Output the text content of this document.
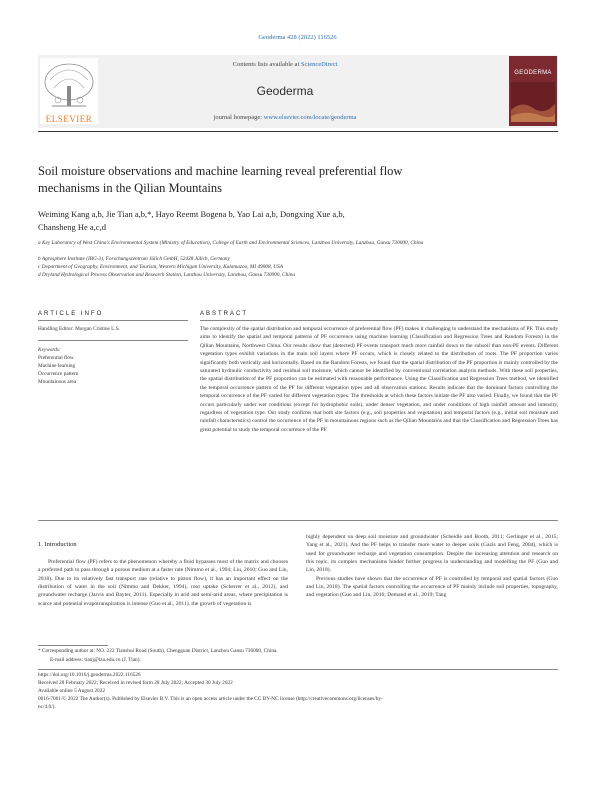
Geoderma 428 (2022) 116526
ELSEVIER
Contents lists available at ScienceDirect
Geoderma
journal homepage: www.elsevier.com/locate/geoderma
GEODERMA
Soil moisture observations and machine learning reveal preferential flow
mechanisms in the Qilian Mountains
Weiming Kang a,b, Jie Tian a,b,*, Hayo Reemt Bogena b, Yao Lai a,b, Dongxing Xue a,b,
Chansheng He a,c,d
a Key Laboratory of West China's Environmental System (Ministry of Education), College of Earth and Environmental Sciences, Lanzhou University, Lanzhou, Gansu 730000, China
b Agrosphere Institute (IBG-3), Forschungszentrum Jülich GmbH, 52428 Jülich, Germany
c Department of Geography, Environment, and Tourism, Western Michigan University, Kalamazoo, MI 49008, USA
d Dryland Hydrological Process Observation and Research Station, Lanzhou University, Lanzhou, Gansu 730000, China
ARTICLE INFO
Handling Editor: Morgan Cristine L.S.
Keywords:
Preferential flow
Machine learning
Occurrence pattern
Mountainous area
ABSTRACT
The complexity of the spatial distribution and temporal occurrence of preferential flow (PF) makes it challenging to understand the mechanisms of PF. This study aims to identify the spatial and temporal patterns of PF occurrence using machine learning (Classification and Regression Trees and Random Forests) in the Qilian Mountains, Northwest China. Our results show that (detected) PF events transport much more rainfall down to the subsoil than non-PF events. Different vegetation types exhibit variations in the main soil layers where PF occurs, which is closely related to the distribution of roots. The PF proportion varies significantly both vertically and horizontally. Based on the Random Forests, we found that the spatial distribution of the PF proportion is mainly controlled by the saturated hydraulic conductivity and residual soil moisture, which cannot be identified by conventional correlation analysis methods. With these soil properties, the spatial distribution of the PF proportion can be estimated with reasonable performance. Using the Classification and Regression Trees method, we identified the temporal occurrence pattern of the PF for different vegetation types and all observation stations. Results indicate that the dominant factors controlling the temporal occurrence of the PF varied for different vegetation types. The thresholds at which these factors initiate the PF also varied. Finally, we found that the PF occurs particularly under wet conditions (except for hydrophobic soils), under denser vegetation, and under conditions of high rainfall amount and intensity, regardless of vegetation type. Our study confirms that both site factors (e.g., soil properties and vegetation) and temporal factors (e.g., initial soil moisture and rainfall characteristics) control the occurrence of the PF in mountainous regions such as the Qilian Mountains and that the Classification and Regression Trees has great potential to study the temporal occurrence of the PF.
1. Introduction

Preferential flow (PF) refers to the phenomenon whereby a fluid bypasses most of the matrix and chooses a preferred path to pass through a porous medium at a faster rate (Nimmo et al., 1994; Liu, 2010; Guo and Lin, 2018). Due to its relatively fast transport rate (relative to piston flow), it has an important effect on the distribution of water in the soil (Nimmo and Dekker, 1994), root uptake (Scherrer et al., 2012), and groundwater recharge (Jarvis and Bayter, 2011). Especially in arid and semi-arid areas, where precipitation is scarce and potential evapotranspiration is intense (Guo et al., 2011), the growth of vegetation is

highly dependent on deep soil moisture and groundwater (Scheidle and Booth, 2011; Gerlinger et al., 2015; Yang et al., 2021). And the PF helps to transfer more water to deeper soils (Gazis and Feng, 2004), which is used for groundwater recharge and vegetation consumption. Despite the increasing attention and research on this topic, its complex mechanisms hinder further progress in understanding and modelling the PF (Guo and Lin, 2018).

Previous studies have shown that the occurrence of PF is controlled by temporal and spatial factors (Guo and Lin, 2018). The spatial factors controlling the occurrence of PF mainly include soil properties, topography, and vegetation (Guo and Lin, 2016; Demand et al., 2019; Tang

* Corresponding author at: NO. 222 Tianshui Road (South), Chengguan District, Lanzhou Gansu 730000, China.
E-mail address: tianj@lzu.edu.cn (J. Tian).
https://doi.org/10.1016/j.geoderma.2022.116526
Received 28 February 2022; Received in revised form 28 July 2022; Accepted 30 July 2022
Available online 5 August 2022
0016-7061/© 2022 The Author(s). Published by Elsevier B.V. This is an open access article under the CC BY-NC license (http://creativecommons.org/licenses/by-
nc/4.0/).
